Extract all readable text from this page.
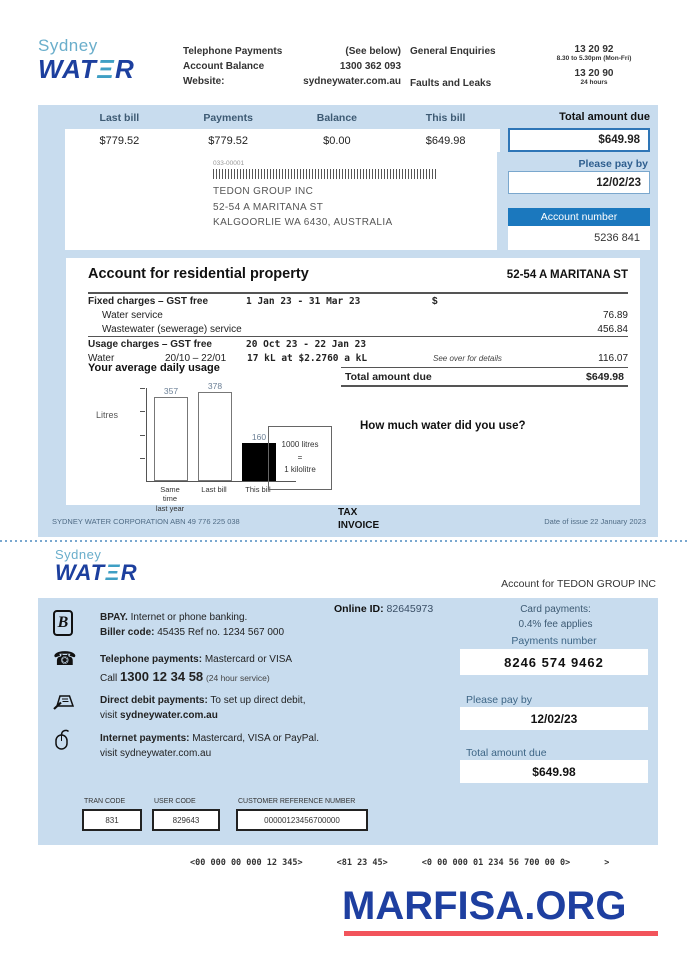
Sydney
WATΞR
Telephone Payments	(See below)
Account Balance	1300 362 093
Website:	sydneywater.com.au
General Enquiries
Faults and Leaks
13 20 92
8.30 to 5.30pm (Mon-Fri)
13 20 90
24 hours
Last bill	Payments	Balance	This bill
$779.52	$779.52	$0.00	$649.98
Total amount due
$649.98
033-00001
TEDON GROUP INC
52-54 A MARITANA ST
KALGOORLIE WA 6430, AUSTRALIA
Please pay by
12/02/23
Account number
5236 841
Account for residential property	52-54 A MARITANA ST
Fixed charges – GST free	1 Jan 23 - 31 Mar 23	$
Water service	76.89
Wastewater (sewerage) service	456.84
Usage charges – GST free	20 Oct 23 - 22 Jan 23
Water	20/10 – 22/01	17 kL at $2.2760 a kL	See over for details	116.07
Total amount due	$649.98
Your average daily usage
Litres
357	378
160
Same time
last year
Last bill	This bill
1000 litres
=
1 kilolitre
How much water did you use?
SYDNEY WATER CORPORATION ABN 49 776 225 038
TAX
INVOICE	Date of issue 22 January 2023
Sydney
WATΞR	Account for TEDON GROUP INC
Online ID: 82645973
B	BPAY. Internet or phone banking.
Biller code: 45435 Ref no. 1234 567 000
☎ Telephone payments: Mastercard or VISA
Call 1300 12 34 58 (24 hour service)
Direct debit payments: To set up direct debit,
visit sydneywater.com.au
Internet payments: Mastercard, VISA or PayPal.
visit sydneywater.com.au
Card payments:
0.4% fee applies
Payments number
8246 574 9462
Please pay by
12/02/23
Total amount due
$649.98
TRAN CODE	USER CODE	CUSTOMER REFERENCE NUMBER
831	829643	00000123456700000
<00 000 00 000 12 345>	<81 23 45>	<0 00 000 01 234 56 700 00 0>	>
MARFISA.ORG
